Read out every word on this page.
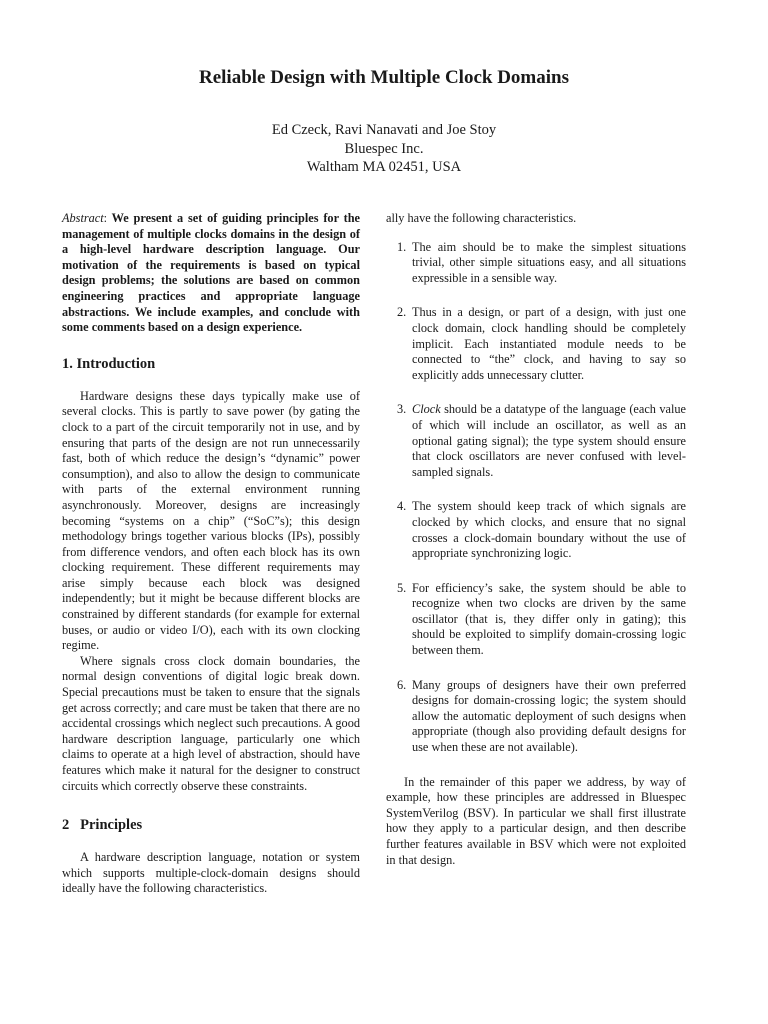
Reliable Design with Multiple Clock Domains
Ed Czeck, Ravi Nanavati and Joe Stoy
Bluespec Inc.
Waltham MA 02451, USA

Abstract: We present a set of guiding principles for the management of multiple clocks domains in the design of a high-level hardware description language. Our motivation of the requirements is based on typical design problems; the solutions are based on common engineering practices and appropriate language abstractions. We include examples, and conclude with some comments based on a design experience.

1. Introduction

Hardware designs these days typically make use of several clocks. This is partly to save power (by gating the clock to a part of the circuit temporarily not in use, and by ensuring that parts of the design are not run unnecessarily fast, both of which reduce the design’s “dynamic” power consumption), and also to allow the design to communicate with parts of the external environment running asynchronously. Moreover, designs are increasingly becoming “systems on a chip” (“SoC”s); this design methodology brings together various blocks (IPs), possibly from difference vendors, and often each block has its own clocking requirement. These different requirements may arise simply because each block was designed independently; but it might be because different blocks are constrained by different standards (for example for external buses, or audio or video I/O), each with its own clocking regime.

Where signals cross clock domain boundaries, the normal design conventions of digital logic break down. Special precautions must be taken to ensure that the signals get across correctly; and care must be taken that there are no accidental crossings which neglect such precautions. A good hardware description language, particularly one which claims to operate at a high level of abstraction, should have features which make it natural for the designer to construct circuits which correctly observe these constraints.

2   Principles

A hardware description language, notation or system which supports multiple-clock-domain designs should ideally have the following characteristics.

ally have the following characteristics.

1. The aim should be to make the simplest situations trivial, other simple situations easy, and all situations expressible in a sensible way.
2. Thus in a design, or part of a design, with just one clock domain, clock handling should be completely implicit. Each instantiated module needs to be connected to “the” clock, and having to say so explicitly adds unnecessary clutter.
3. Clock should be a datatype of the language (each value of which will include an oscillator, as well as an optional gating signal); the type system should ensure that clock oscillators are never confused with level-sampled signals.
4. The system should keep track of which signals are clocked by which clocks, and ensure that no signal crosses a clock-domain boundary without the use of appropriate synchronizing logic.
5. For efficiency’s sake, the system should be able to recognize when two clocks are driven by the same oscillator (that is, they differ only in gating); this should be exploited to simplify domain-crossing logic between them.
6. Many groups of designers have their own preferred designs for domain-crossing logic; the system should allow the automatic deployment of such designs when appropriate (though also providing default designs for use when these are not available).

In the remainder of this paper we address, by way of example, how these principles are addressed in Bluespec SystemVerilog (BSV). In particular we shall first illustrate how they apply to a particular design, and then describe further features available in BSV which were not exploited in that design.
